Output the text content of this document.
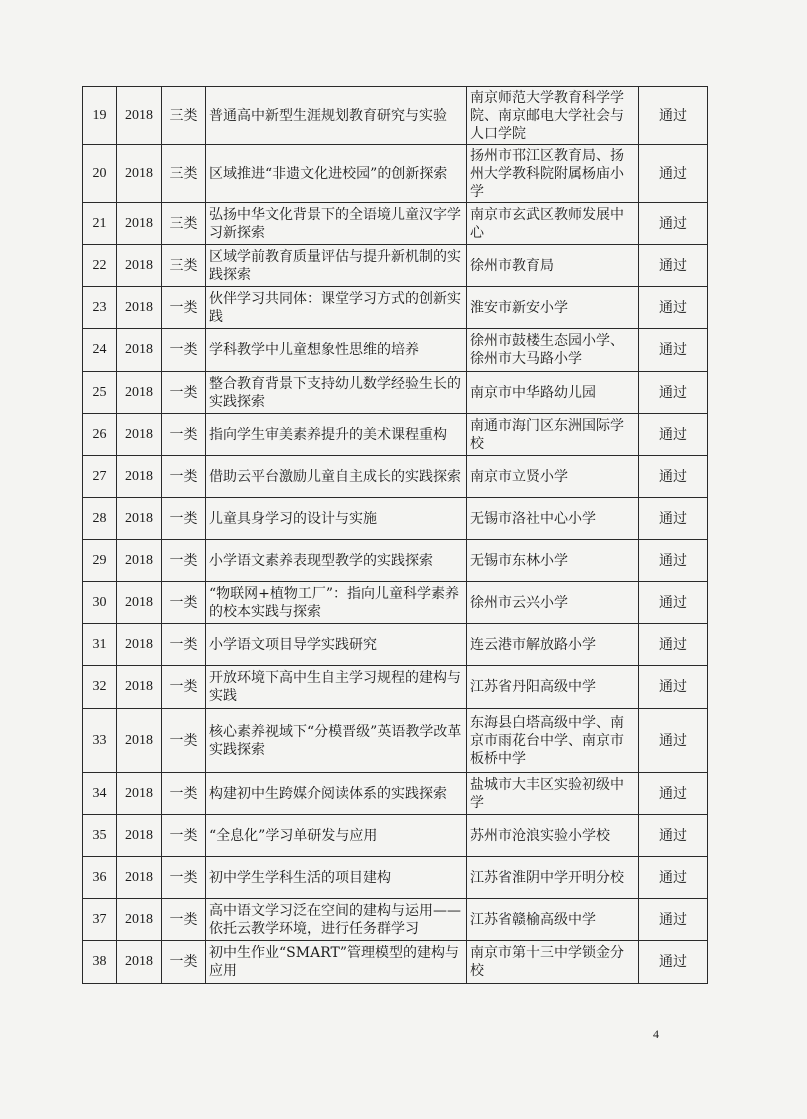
19	2018	三类	普通高中新型生涯规划教育研究与实验	南京师范大学教育科学学院、南京邮电大学社会与人口学院	通过
20	2018	三类	区域推进“非遗文化进校园”的创新探索	扬州市邗江区教育局、扬州大学教科院附属杨庙小学	通过
21	2018	三类	弘扬中华文化背景下的全语境儿童汉字学习新探索	南京市玄武区教师发展中心	通过
22	2018	三类	区域学前教育质量评估与提升新机制的实践探索	徐州市教育局	通过
23	2018	一类	伙伴学习共同体：课堂学习方式的创新实践	淮安市新安小学	通过
24	2018	一类	学科教学中儿童想象性思维的培养	徐州市鼓楼生态园小学、徐州市大马路小学	通过
25	2018	一类	整合教育背景下支持幼儿数学经验生长的实践探索	南京市中华路幼儿园	通过
26	2018	一类	指向学生审美素养提升的美术课程重构	南通市海门区东洲国际学校	通过
27	2018	一类	借助云平台激励儿童自主成长的实践探索	南京市立贤小学	通过
28	2018	一类	儿童具身学习的设计与实施	无锡市洛社中心小学	通过
29	2018	一类	小学语文素养表现型教学的实践探索	无锡市东林小学	通过
30	2018	一类	“物联网+植物工厂”：指向儿童科学素养的校本实践与探索	徐州市云兴小学	通过
31	2018	一类	小学语文项目导学实践研究	连云港市解放路小学	通过
32	2018	一类	开放环境下高中生自主学习规程的建构与实践	江苏省丹阳高级中学	通过
33	2018	一类	核心素养视域下“分模晋级”英语教学改革实践探索	东海县白塔高级中学、南京市雨花台中学、南京市板桥中学	通过
34	2018	一类	构建初中生跨媒介阅读体系的实践探索	盐城市大丰区实验初级中学	通过
35	2018	一类	“全息化”学习单研发与应用	苏州市沧浪实验小学校	通过
36	2018	一类	初中学生学科生活的项目建构	江苏省淮阴中学开明分校	通过
37	2018	一类	高中语文学习泛在空间的建构与运用——依托云教学环境，进行任务群学习	江苏省赣榆高级中学	通过
38	2018	一类	初中生作业“SMART”管理模型的建构与应用	南京市第十三中学锁金分校	通过
4
